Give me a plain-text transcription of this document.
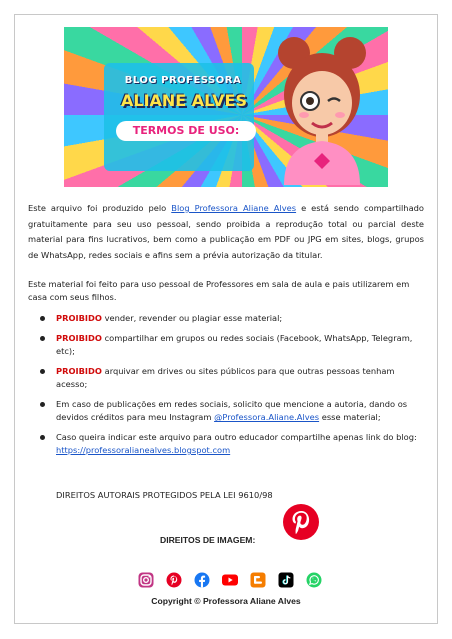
BLOG PROFESSORA
ALIANE ALVES
TERMOS DE USO:
Este arquivo foi produzido pelo Blog Professora Aliane Alves e está sendo compartilhado gratuitamente para seu uso pessoal, sendo proibida a reprodução total ou parcial deste material para fins lucrativos, bem como a publicação em PDF ou JPG em sites, blogs, grupos de WhatsApp, redes sociais e afins sem a prévia autorização da titular.
Este material foi feito para uso pessoal de Professores em sala de aula e pais utilizarem em casa com seus filhos.
PROIBIDO vender, revender ou plagiar esse material;
PROIBIDO compartilhar em grupos ou redes sociais (Facebook, WhatsApp, Telegram, etc);
PROIBIDO arquivar em drives ou sites públicos para que outras pessoas tenham acesso;
Em caso de publicações em redes sociais, solicito que mencione a autoria, dando os devidos créditos para meu Instagram @Professora.Aliane.Alves esse material;
Caso queira indicar este arquivo para outro educador compartilhe apenas link do blog:
https://professoralianealves.blogspot.com
DIREITOS AUTORAIS PROTEGIDOS PELA LEI 9610/98
DIREITOS DE IMAGEM:
Copyright © Professora Aliane Alves
